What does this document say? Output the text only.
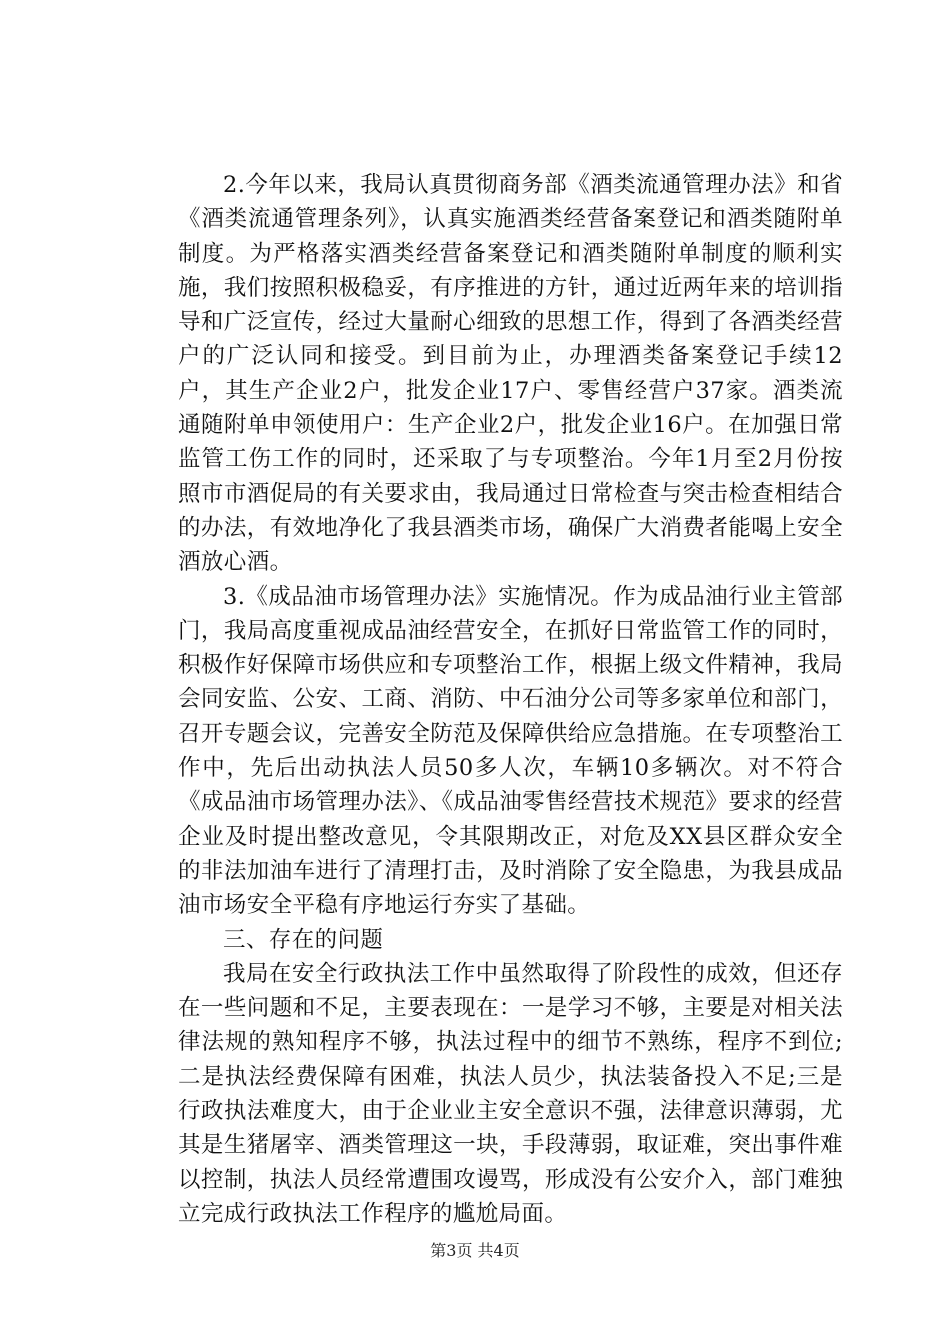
2.今年以来，我局认真贯彻商务部《酒类流通管理办法》和省《酒类流通管理条列》，认真实施酒类经营备案登记和酒类随附单制度。为严格落实酒类经营备案登记和酒类随附单制度的顺利实施，我们按照积极稳妥，有序推进的方针，通过近两年来的培训指导和广泛宣传，经过大量耐心细致的思想工作，得到了各酒类经营户的广泛认同和接受。到目前为止，办理酒类备案登记手续12户，其生产企业2户，批发企业17户、零售经营户37家。酒类流通随附单申领使用户：生产企业2户，批发企业16户。在加强日常监管工伤工作的同时，还采取了与专项整治。今年1月至2月份按照市市酒促局的有关要求由，我局通过日常检查与突击检查相结合的办法，有效地净化了我县酒类市场，确保广大消费者能喝上安全酒放心酒。

3.《成品油市场管理办法》实施情况。作为成品油行业主管部门，我局高度重视成品油经营安全，在抓好日常监管工作的同时，积极作好保障市场供应和专项整治工作，根据上级文件精神，我局会同安监、公安、工商、消防、中石油分公司等多家单位和部门，召开专题会议，完善安全防范及保障供给应急措施。在专项整治工作中，先后出动执法人员50多人次，车辆10多辆次。对不符合《成品油市场管理办法》、《成品油零售经营技术规范》要求的经营企业及时提出整改意见，令其限期改正，对危及XX县区群众安全的非法加油车进行了清理打击，及时消除了安全隐患，为我县成品油市场安全平稳有序地运行夯实了基础。

三、存在的问题

我局在安全行政执法工作中虽然取得了阶段性的成效，但还存在一些问题和不足，主要表现在：一是学习不够，主要是对相关法律法规的熟知程序不够，执法过程中的细节不熟练，程序不到位;二是执法经费保障有困难，执法人员少，执法装备投入不足;三是行政执法难度大，由于企业业主安全意识不强，法律意识薄弱，尤其是生猪屠宰、酒类管理这一块，手段薄弱，取证难，突出事件难以控制，执法人员经常遭围攻谩骂，形成没有公安介入，部门难独立完成行政执法工作程序的尴尬局面。

第3页 共4页
